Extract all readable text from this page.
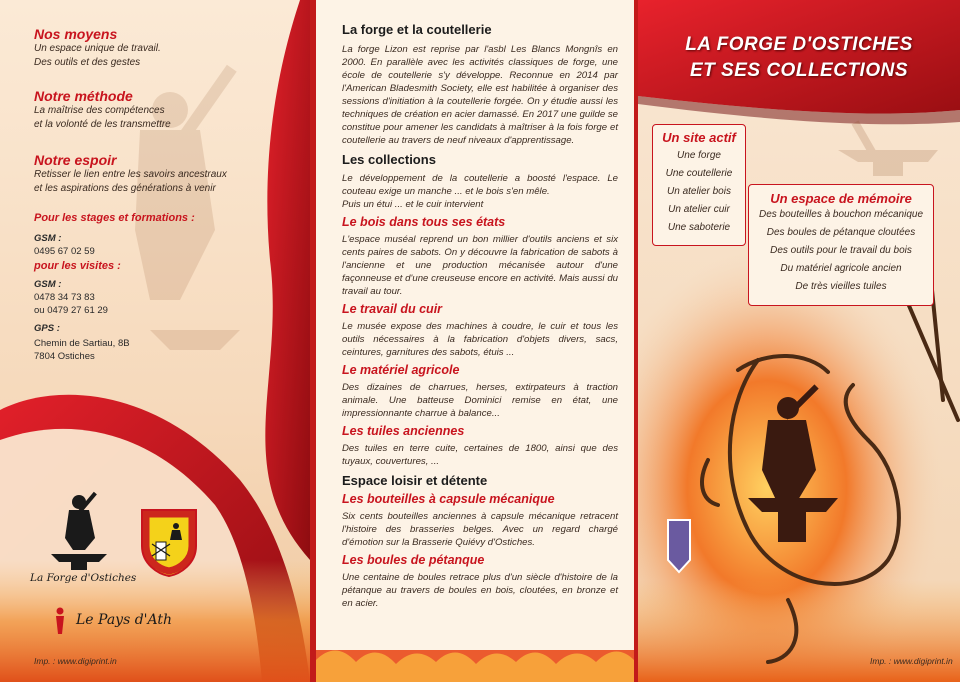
Nos moyens
Un espace unique de travail.
Des outils et des gestes
Notre méthode
La maîtrise des compétences
et la volonté de les transmettre
Notre espoir
Retisser le lien entre les savoirs ancestraux
et les aspirations des générations à venir
Pour les stages et formations :
GSM :
0495 67 02 59
pour les visites :
GSM :
0478 34 73 83
ou 0479 27 61 29
GPS :
Chemin de Sartiau, 8B
7804 Ostiches
La Forge d'Ostiches
Le Pays d'Ath
Imp. : www.digiprint.in
La forge et la coutellerie
La forge Lizon est reprise par l'asbl Les Blancs Mongnîs en 2000. En parallèle avec les activités classiques de forge, une école de coutellerie s'y développe. Reconnue en 2014 par l'American Bladesmith Society, elle est habilitée à organiser des sessions d'initiation à la coutellerie forgée. On y étudie aussi les techniques de création en acier damassé. En 2017 une guilde se constitue pour amener les candidats à maîtriser à la fois forge et coutellerie au travers de neuf niveaux d'apprentissage.
Les collections
Le développement de la coutellerie a boosté l'espace. Le couteau exige un manche ... et le bois s'en mêle.
Puis un étui ... et le cuir intervient
Le bois dans tous ses états
L'espace muséal reprend un bon millier d'outils anciens et six cents paires de sabots. On y découvre la fabrication de sabots à l'ancienne et une production mécanisée autour d'une façonneuse et d'une creuseuse encore en activité. Mais aussi du travail au tour.
Le travail du cuir
Le musée expose des machines à coudre, le cuir et tous les outils nécessaires à la fabrication d'objets divers, sacs, ceintures, garnitures des sabots, étuis ...
Le matériel agricole
Des dizaines de charrues, herses, extirpateurs à traction animale. Une batteuse Dominici remise en état, une impressionnante charrue à balance...
Les tuiles anciennes
Des tuiles en terre cuite, certaines de 1800, ainsi que des tuyaux, couvertures, ...
Espace loisir et détente
Les bouteilles à capsule mécanique
Six cents bouteilles anciennes à capsule mécanique retracent l'histoire des brasseries belges. Avec un regard chargé d'émotion sur la Brasserie Quiévy d'Ostiches.
Les boules de pétanque
Une centaine de boules retrace plus d'un siècle d'histoire de la pétanque au travers de boules en bois, cloutées, en bronze et en acier.
LA FORGE D'OSTICHES
ET SES COLLECTIONS
Un site actif
Une forge
Une coutellerie
Un atelier bois
Un atelier cuir
Une saboterie
Un espace de mémoire
Des bouteilles à bouchon mécanique
Des boules de pétanque cloutées
Des outils pour le travail du bois
Du matériel agricole ancien
De très vieilles tuiles
Imp. : www.digiprint.in
